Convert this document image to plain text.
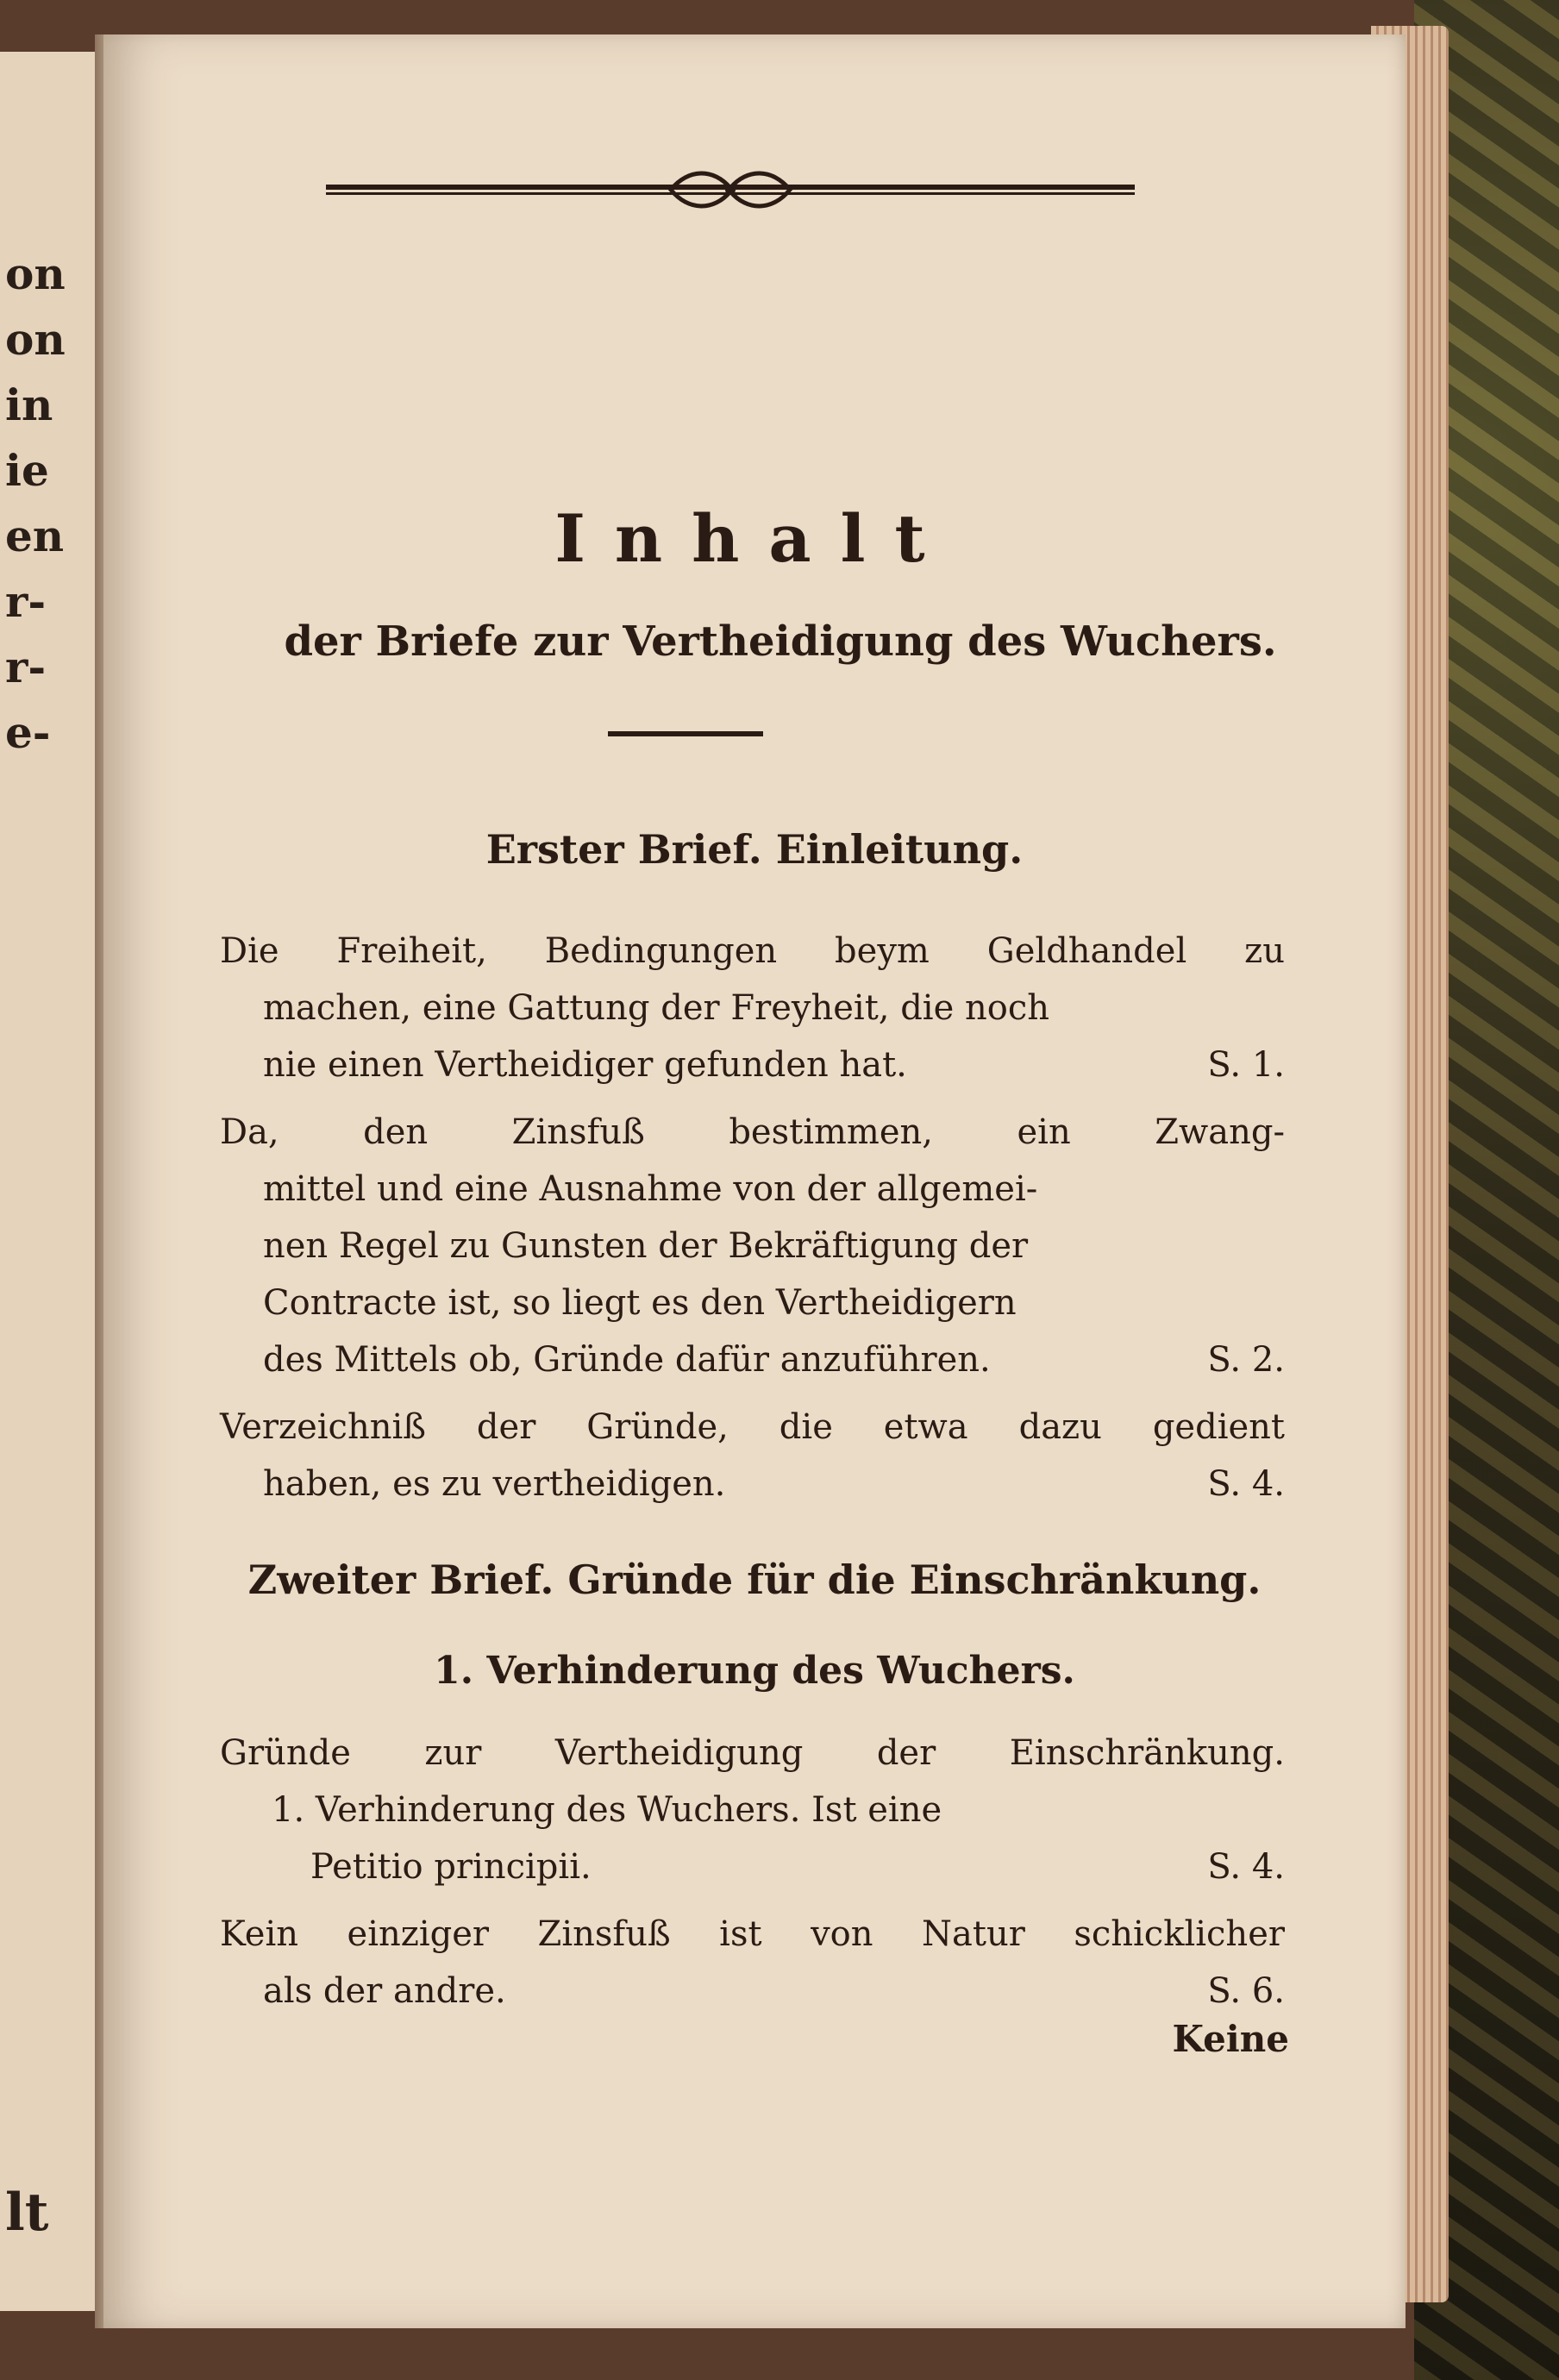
on
on
in
ie
en
r-
r-
e-
lt
Inhalt
der Briefe zur Vertheidigung des Wuchers.
Erster Brief. Einleitung.
Die Freiheit, Bedingungen beym Geldhandel zu
machen, eine Gattung der Freyheit, die noch
nie einen Vertheidiger gefunden hat.	S. 1.
Da, den Zinsfuß bestimmen, ein Zwang-
mittel und eine Ausnahme von der allgemei-
nen Regel zu Gunsten der Bekräftigung der
Contracte ist, so liegt es den Vertheidigern
des Mittels ob, Gründe dafür anzuführen.	S. 2.
Verzeichniß der Gründe, die etwa dazu gedient
haben, es zu vertheidigen.	S. 4.
Zweiter Brief. Gründe für die Einschränkung.
1. Verhinderung des Wuchers.
Gründe zur Vertheidigung der Einschränkung.
1. Verhinderung des Wuchers. Ist eine
Petitio principii.	S. 4.
Kein einziger Zinsfuß ist von Natur schicklicher
als der andre.	S. 6.
Keine
